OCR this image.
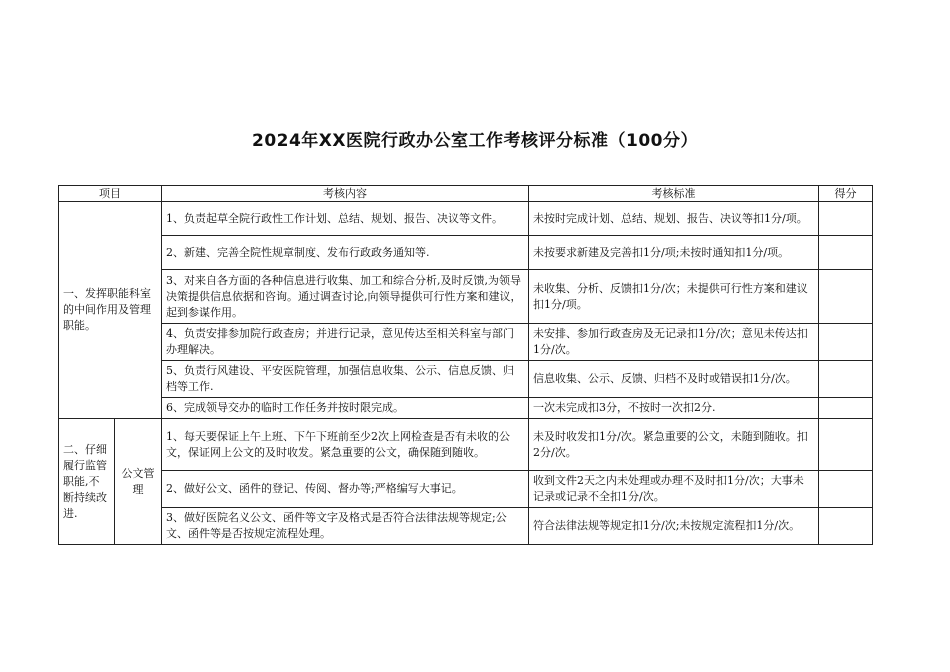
2024年XX医院行政办公室工作考核评分标准（100分）
项目		考核内容	考核标准	得分
一、发挥职能科室的中间作用及管理职能。		1、负责起草全院行政性工作计划、总结、规划、报告、决议等文件。	未按时完成计划、总结、规划、报告、决议等扣1分/项。	
		2、新建、完善全院性规章制度、发布行政政务通知等.	未按要求新建及完善扣1分/项;未按时通知扣1分/项。	
		3、对来自各方面的各种信息进行收集、加工和综合分析,及时反馈,为领导决策提供信息依据和咨询。通过调查讨论,向领导提供可行性方案和建议，起到参谋作用。	未收集、分析、反馈扣1分/次；未提供可行性方案和建议扣1分/项。	
		4、负责安排参加院行政查房；并进行记录，意见传达至相关科室与部门办理解决。	未安排、参加行政查房及无记录扣1分/次；意见未传达扣1分/次。	
		5、负责行风建设、平安医院管理，加强信息收集、公示、信息反馈、归档等工作.	信息收集、公示、反馈、归档不及时或错误扣1分/次。	
		6、完成领导交办的临时工作任务并按时限完成。	一次未完成扣3分，不按时一次扣2分.	
二、仔细履行监管职能,不断持续改进.	公文管理	1、每天要保证上午上班、下午下班前至少2次上网检查是否有未收的公文，保证网上公文的及时收发。紧急重要的公文，确保随到随收。	未及时收发扣1分/次。紧急重要的公文，未随到随收。扣2分/次。	
		2、做好公文、函件的登记、传阅、督办等;严格编写大事记。	收到文件2天之内未处理或办理不及时扣1分/次；大事未记录或记录不全扣1分/次。	
		3、做好医院名义公文、函件等文字及格式是否符合法律法规等规定;公文、函件等是否按规定流程处理。	符合法律法规等规定扣1分/次;未按规定流程扣1分/次。	
